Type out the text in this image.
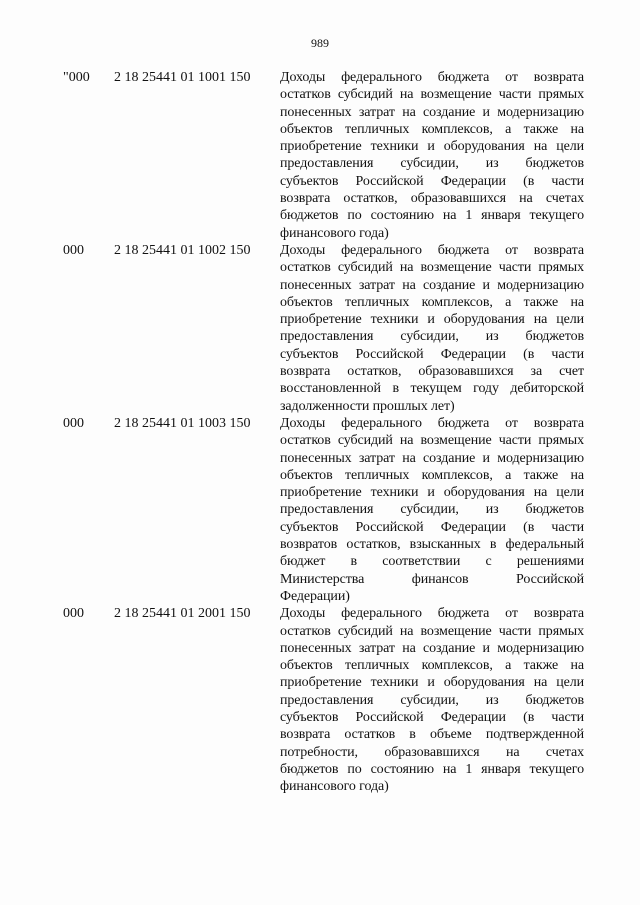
989
"000	2 18 25441 01 1001 150	Доходы федерального бюджета от возврата
остатков субсидий на возмещение части прямых
понесенных затрат на создание и модернизацию
объектов тепличных комплексов, а также на
приобретение техники и оборудования на цели
предоставления субсидии, из бюджетов
субъектов Российской Федерации (в части
возврата остатков, образовавшихся на счетах
бюджетов по состоянию на 1 января текущего
финансового года)
000	2 18 25441 01 1002 150	Доходы федерального бюджета от возврата
остатков субсидий на возмещение части прямых
понесенных затрат на создание и модернизацию
объектов тепличных комплексов, а также на
приобретение техники и оборудования на цели
предоставления субсидии, из бюджетов
субъектов Российской Федерации (в части
возврата остатков, образовавшихся за счет
восстановленной в текущем году дебиторской
задолженности прошлых лет)
000	2 18 25441 01 1003 150	Доходы федерального бюджета от возврата
остатков субсидий на возмещение части прямых
понесенных затрат на создание и модернизацию
объектов тепличных комплексов, а также на
приобретение техники и оборудования на цели
предоставления субсидии, из бюджетов
субъектов Российской Федерации (в части
возвратов остатков, взысканных в федеральный
бюджет в соответствии с решениями
Министерства финансов Российской
Федерации)
000	2 18 25441 01 2001 150	Доходы федерального бюджета от возврата
остатков субсидий на возмещение части прямых
понесенных затрат на создание и модернизацию
объектов тепличных комплексов, а также на
приобретение техники и оборудования на цели
предоставления субсидии, из бюджетов
субъектов Российской Федерации (в части
возврата остатков в объеме подтвержденной
потребности, образовавшихся на счетах
бюджетов по состоянию на 1 января текущего
финансового года)
